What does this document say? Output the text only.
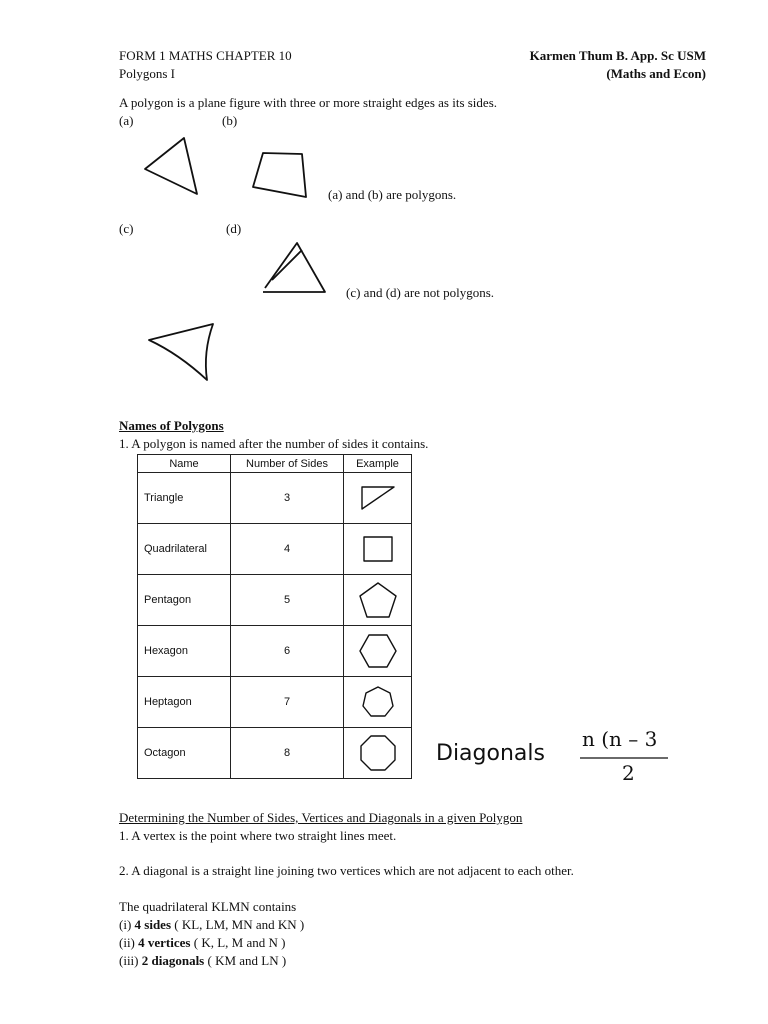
FORM 1 MATHS CHAPTER 10
Polygons I
Karmen Thum B. App. Sc USM
(Maths and Econ)
A polygon is a plane figure with three or more straight edges as its sides.
(a)	(b)
(a) and (b) are polygons.
(c)	(d)
(c) and (d) are not polygons.
Names of Polygons
1. A polygon is named after the number of sides it contains.
Name	Number of Sides	Example
Triangle	3	

Quadrilateral	4	

Pentagon	5	

Hexagon	6	

Heptagon	7	

Octagon	8		Diagonals
n (n – 3
2
Determining the Number of Sides, Vertices and Diagonals in a given Polygon
1. A vertex is the point where two straight lines meet.
2. A diagonal is a straight line joining two vertices which are not adjacent to each other.
The quadrilateral KLMN contains
(i) 4 sides ( KL, LM, MN and KN )
(ii) 4 vertices ( K, L, M and N )
(iii) 2 diagonals ( KM and LN )
